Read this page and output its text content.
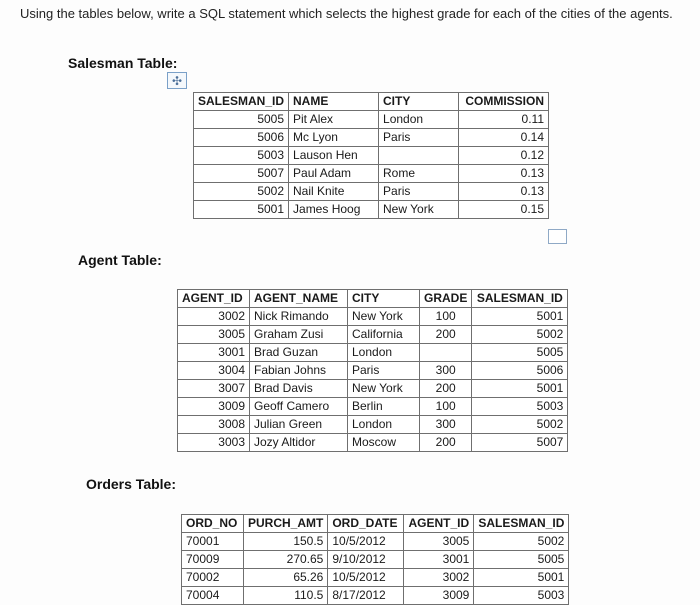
Using the tables below, write a SQL statement which selects the highest grade for each of the cities of the agents.
Salesman Table:
✣
SALESMAN_ID	NAME	CITY	COMMISSION
5005	Pit Alex	London	0.11
5006	Mc Lyon	Paris	0.14
5003	Lauson Hen		0.12
5007	Paul Adam	Rome	0.13
5002	Nail Knite	Paris	0.13
5001	James Hoog	New York	0.15
Agent Table:
AGENT_ID	AGENT_NAME	CITY	GRADE	SALESMAN_ID
3002	Nick Rimando	New York	100	5001
3005	Graham Zusi	California	200	5002
3001	Brad Guzan	London		5005
3004	Fabian Johns	Paris	300	5006
3007	Brad Davis	New York	200	5001
3009	Geoff Camero	Berlin	100	5003
3008	Julian Green	London	300	5002
3003	Jozy Altidor	Moscow	200	5007
Orders Table:
ORD_NO	PURCH_AMT	ORD_DATE	AGENT_ID	SALESMAN_ID
70001	150.5	10/5/2012	3005	5002
70009	270.65	9/10/2012	3001	5005
70002	65.26	10/5/2012	3002	5001
70004	110.5	8/17/2012	3009	5003
